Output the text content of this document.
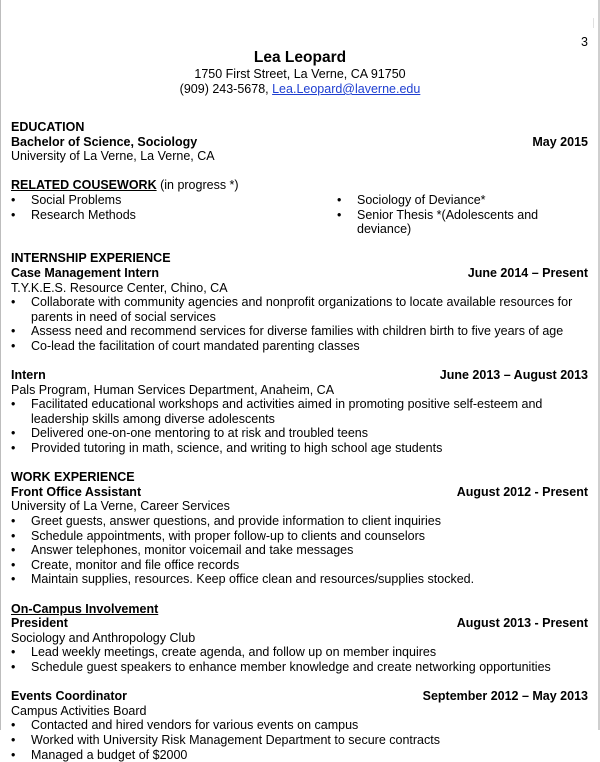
3
Lea Leopard
1750 First Street, La Verne, CA 91750
(909) 243-5678, Lea.Leopard@laverne.edu
EDUCATION
Bachelor of Science, Sociology	May 2015
University of La Verne, La Verne, CA
RELATED COUSEWORK (in progress *)
• Social Problems
• Research Methods
• Sociology of Deviance*
• Senior Thesis *(Adolescents and deviance)
INTERNSHIP EXPERIENCE
Case Management Intern	June 2014 – Present
T.Y.K.E.S. Resource Center, Chino, CA
• Collaborate with community agencies and nonprofit organizations to locate available resources for parents in need of social services
• Assess need and recommend services for diverse families with children birth to five years of age
• Co-lead the facilitation of court mandated parenting classes
Intern	June 2013 – August 2013
Pals Program, Human Services Department, Anaheim, CA
• Facilitated educational workshops and activities aimed in promoting positive self-esteem and leadership skills among diverse adolescents
• Delivered one-on-one mentoring to at risk and troubled teens
• Provided tutoring in math, science, and writing to high school age students
WORK EXPERIENCE
Front Office Assistant	August 2012 - Present
University of La Verne, Career Services
• Greet guests, answer questions, and provide information to client inquiries
• Schedule appointments, with proper follow-up to clients and counselors
• Answer telephones, monitor voicemail and take messages
• Create, monitor and file office records
• Maintain supplies, resources. Keep office clean and resources/supplies stocked.
On-Campus Involvement
President	August 2013 - Present
Sociology and Anthropology Club
• Lead weekly meetings, create agenda, and follow up on member inquires
• Schedule guest speakers to enhance member knowledge and create networking opportunities
Events Coordinator	September 2012 – May 2013
Campus Activities Board
• Contacted and hired vendors for various events on campus
• Worked with University Risk Management Department to secure contracts
• Managed a budget of $2000
